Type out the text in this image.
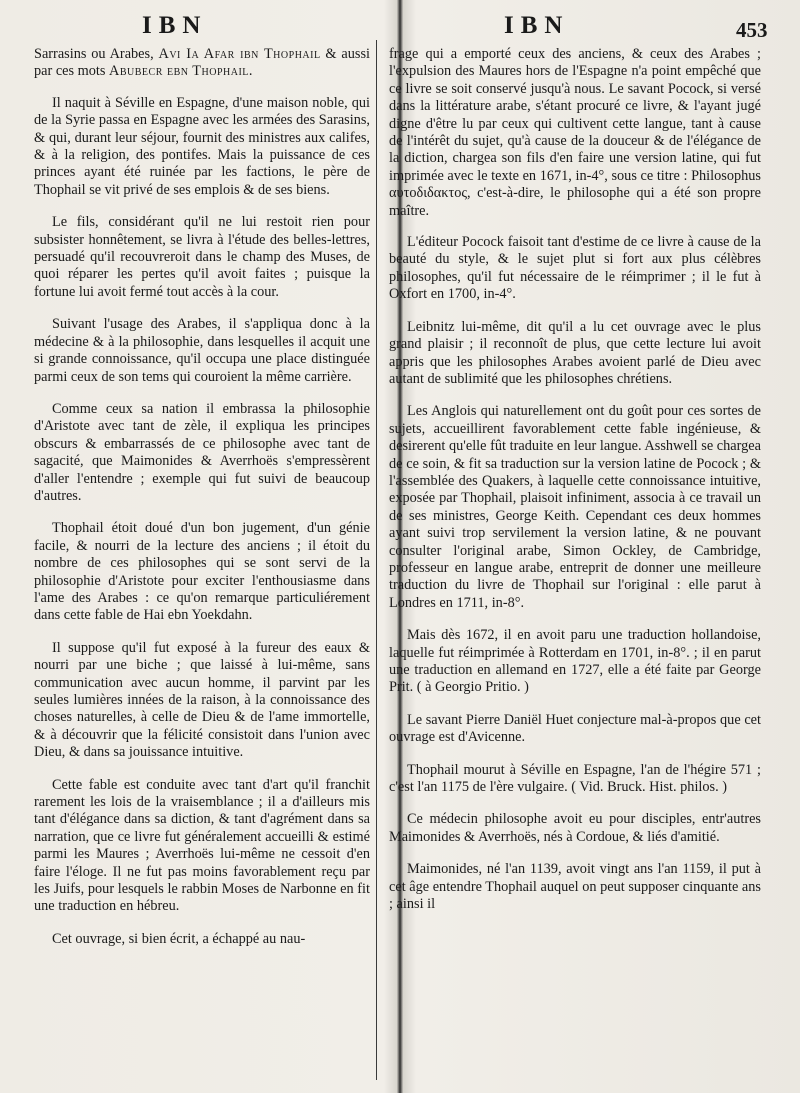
IBN	IBN	453

Sarrasins ou Arabes, Avi Ia Afar ibn Thophail & aussi par ces mots Abubecr ebn Thophail.

Il naquit à Séville en Espagne, d'une maison noble, qui de la Syrie passa en Espagne avec les armées des Sarasins, & qui, durant leur séjour, fournit des ministres aux califes, & à la religion, des pontifes. Mais la puissance de ces princes ayant été ruinée par les factions, le père de Thophail se vit privé de ses emplois & de ses biens.

Le fils, considérant qu'il ne lui restoit rien pour subsister honnêtement, se livra à l'étude des belles-lettres, persuadé qu'il recouvreroit dans le champ des Muses, de quoi réparer les pertes qu'il avoit faites ; puisque la fortune lui avoit fermé tout accès à la cour.

Suivant l'usage des Arabes, il s'appliqua donc à la médecine & à la philosophie, dans lesquelles il acquit une si grande connoissance, qu'il occupa une place distinguée parmi ceux de son tems qui couroient la même carrière.

Comme ceux sa nation il embrassa la philosophie d'Aristote avec tant de zèle, il expliqua les principes obscurs & embarrassés de ce philosophe avec tant de sagacité, que Maimonides & Averrhoës s'empressèrent d'aller l'entendre ; exemple qui fut suivi de beaucoup d'autres.

Thophail étoit doué d'un bon jugement, d'un génie facile, & nourri de la lecture des anciens ; il étoit du nombre de ces philosophes qui se sont servi de la philosophie d'Aristote pour exciter l'enthousiasme dans l'ame des Arabes : ce qu'on remarque particuliérement dans cette fable de Hai ebn Yoekdahn.

Il suppose qu'il fut exposé à la fureur des eaux & nourri par une biche ; que laissé à lui-même, sans communication avec aucun homme, il parvint par les seules lumières innées de la raison, à la connoissance des choses naturelles, à celle de Dieu & de l'ame immortelle, & à découvrir que la félicité consistoit dans l'union avec Dieu, & dans sa jouissance intuitive.

Cette fable est conduite avec tant d'art qu'il franchit rarement les lois de la vraisemblance ; il a d'ailleurs mis tant d'élégance dans sa diction, & tant d'agrément dans sa narration, que ce livre fut généralement accueilli & estimé parmi les Maures ; Averrhoës lui-même ne cessoit d'en faire l'éloge. Il ne fut pas moins favorablement reçu par les Juifs, pour lesquels le rabbin Moses de Narbonne en fit une traduction en hébreu.

Cet ouvrage, si bien écrit, a échappé au nau-

frage qui a emporté ceux des anciens, & ceux des Arabes ; l'expulsion des Maures hors de l'Espagne n'a point empêché que ce livre se soit conservé jusqu'à nous. Le savant Pocock, si versé dans la littérature arabe, s'étant procuré ce livre, & l'ayant jugé digne d'être lu par ceux qui cultivent cette langue, tant à cause de l'intérêt du sujet, qu'à cause de la douceur & de l'élégance de la diction, chargea son fils d'en faire une version latine, qui fut imprimée avec le texte en 1671, in-4°, sous ce titre : Philosophus αυτοδιδακτος, c'est-à-dire, le philosophe qui a été son propre maître.

L'éditeur Pocock faisoit tant d'estime de ce livre à cause de la beauté du style, & le sujet plut si fort aux plus célèbres philosophes, qu'il fut nécessaire de le réimprimer ; il le fut à Oxfort en 1700, in-4°.

Leibnitz lui-même, dit qu'il a lu cet ouvrage avec le plus grand plaisir ; il reconnoît de plus, que cette lecture lui avoit appris que les philosophes Arabes avoient parlé de Dieu avec autant de sublimité que les philosophes chrétiens.

Les Anglois qui naturellement ont du goût pour ces sortes de sujets, accueillirent favorablement cette fable ingénieuse, & desirerent qu'elle fût traduite en leur langue. Asshwell se chargea de ce soin, & fit sa traduction sur la version latine de Pocock ; & l'assemblée des Quakers, à laquelle cette connoissance intuitive, exposée par Thophail, plaisoit infiniment, associa à ce travail un de ses ministres, George Keith. Cependant ces deux hommes ayant suivi trop servilement la version latine, & ne pouvant consulter l'original arabe, Simon Ockley, de Cambridge, professeur en langue arabe, entreprit de donner une meilleure traduction du livre de Thophail sur l'original : elle parut à Londres en 1711, in-8°.

Mais dès 1672, il en avoit paru une traduction hollandoise, laquelle fut réimprimée à Rotterdam en 1701, in-8°. ; il en parut une traduction en allemand en 1727, elle a été faite par George Prit. ( à Georgio Pritio. )

Le savant Pierre Daniël Huet conjecture mal-à-propos que cet ouvrage est d'Avicenne.

Thophail mourut à Séville en Espagne, l'an de l'hégire 571 ; c'est l'an 1175 de l'ère vulgaire. ( Vid. Bruck. Hist. philos. )

Ce médecin philosophe avoit eu pour disciples, entr'autres Maimonides & Averrhoës, nés à Cordoue, & liés d'amitié.

Maimonides, né l'an 1139, avoit vingt ans l'an 1159, il put à cet âge entendre Thophail auquel on peut supposer cinquante ans ; ainsi il
